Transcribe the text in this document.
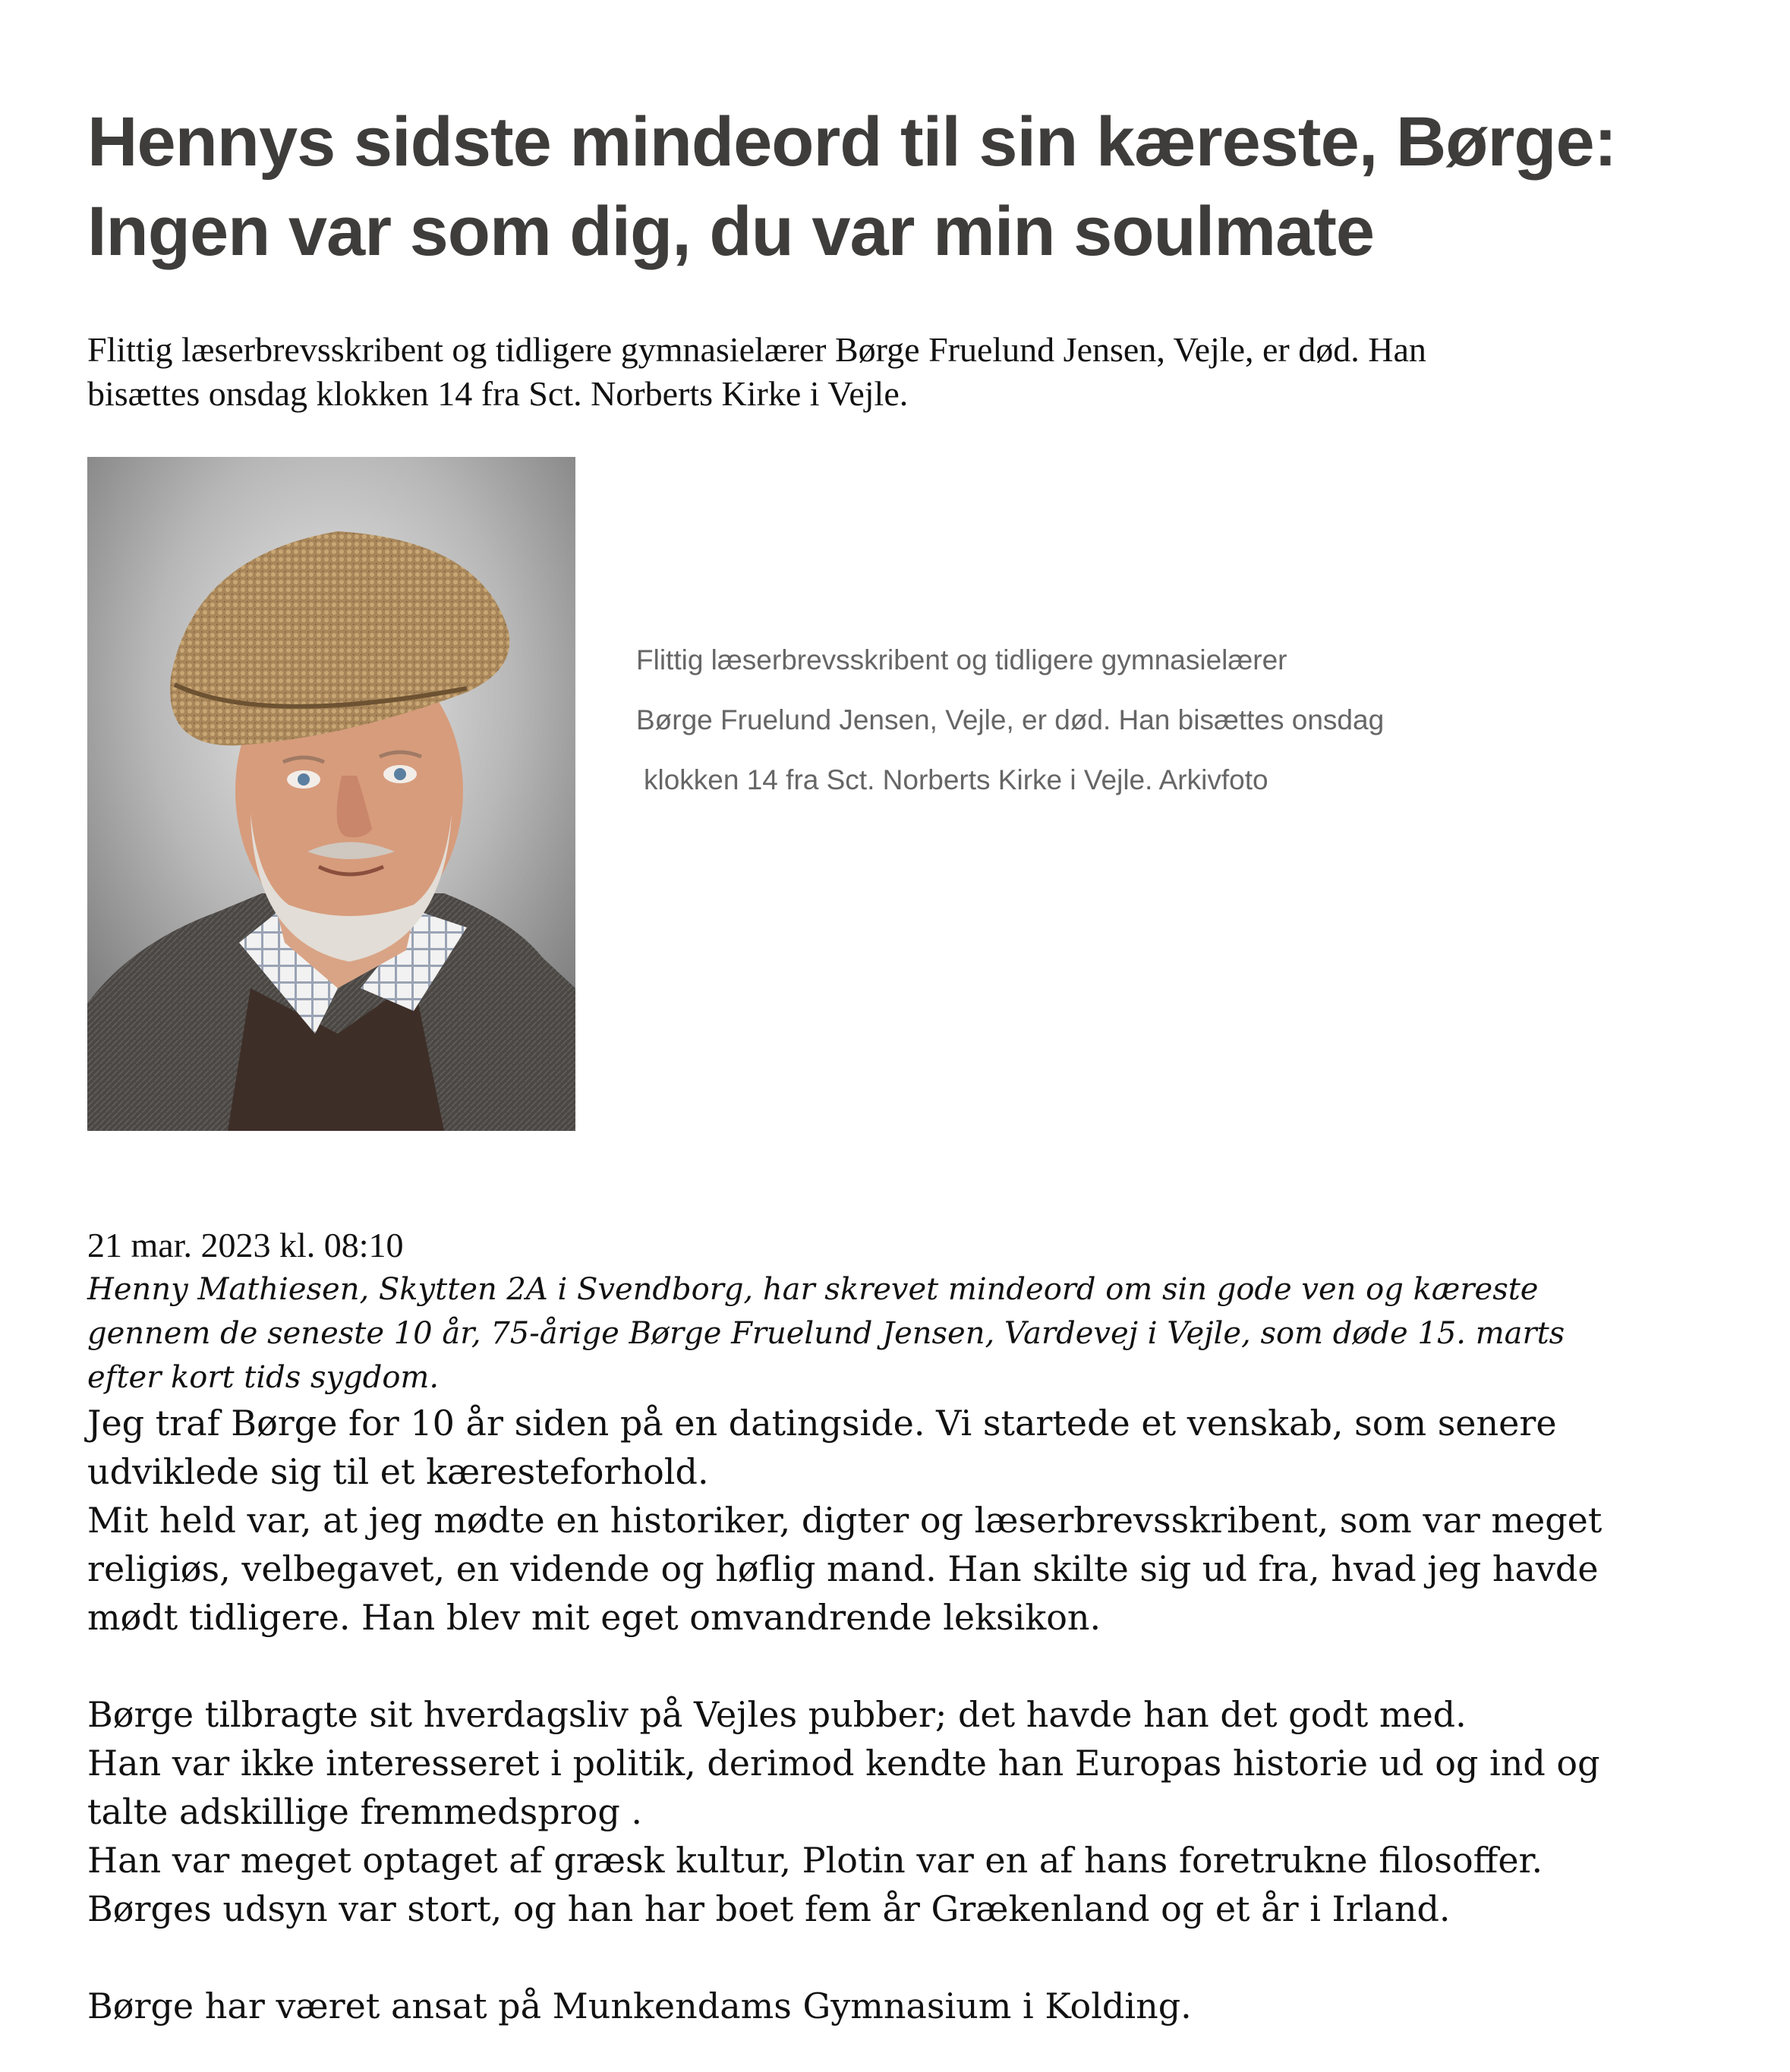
Hennys sidste mindeord til sin kæreste, Børge:
Ingen var som dig, du var min soulmate
Flittig læserbrevsskribent og tidligere gymnasielærer Børge Fruelund Jensen, Vejle, er død. Han
bisættes onsdag klokken 14 fra Sct. Norberts Kirke i Vejle.
Flittig læserbrevsskribent og tidligere gymnasielærer
Børge Fruelund Jensen, Vejle, er død. Han bisættes onsdag
klokken 14 fra Sct. Norberts Kirke i Vejle. Arkivfoto
21 mar. 2023 kl. 08:10
Henny Mathiesen, Skytten 2A i Svendborg, har skrevet mindeord om sin gode ven og kæreste
gennem de seneste 10 år, 75-årige Børge Fruelund Jensen, Vardevej i Vejle, som døde 15. marts
efter kort tids sygdom.

Jeg traf Børge for 10 år siden på en datingside. Vi startede et venskab, som senere

udviklede sig til et kæresteforhold.

Mit held var, at jeg mødte en historiker, digter og læserbrevsskribent, som var meget

religiøs, velbegavet, en vidende og høflig mand. Han skilte sig ud fra, hvad jeg havde

mødt tidligere. Han blev mit eget omvandrende leksikon.

Børge tilbragte sit hverdagsliv på Vejles pubber; det havde han det godt med.

Han var ikke interesseret i politik, derimod kendte han Europas historie ud og ind og

talte adskillige fremmedsprog .

Han var meget optaget af græsk kultur, Plotin var en af hans foretrukne filosoffer.

Børges udsyn var stort, og han har boet fem år Grækenland og et år i Irland.

Børge har været ansat på Munkendams Gymnasium i Kolding.
